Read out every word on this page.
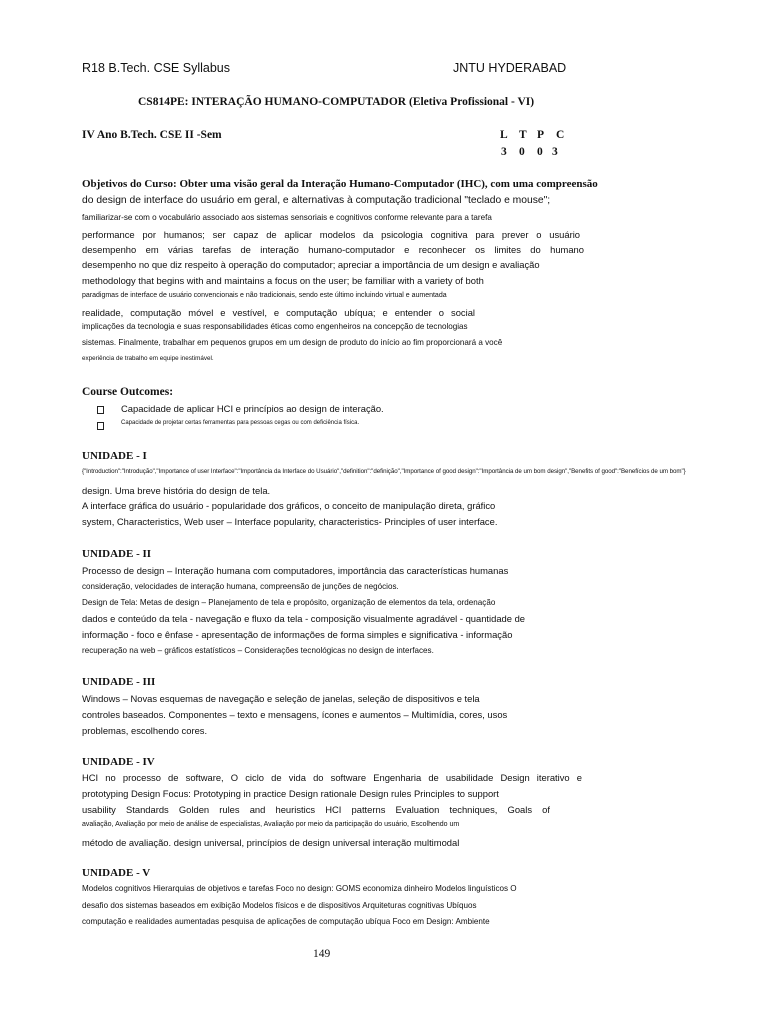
R18 B.Tech. CSE Syllabus	JNTU HYDERABAD
CS814PE: INTERAÇÃO HUMANO-COMPUTADOR (Eletiva Profissional - VI)
IV Ano B.Tech. CSE II -Sem	L T P C
3 0 0 3
Objetivos do Curso: Obter uma visão geral da Interação Humano-Computador (IHC), com uma compreensão
do design de interface do usuário em geral, e alternativas à computação tradicional "teclado e mouse";
familiarizar-se com o vocabulário associado aos sistemas sensoriais e cognitivos conforme relevante para a tarefa
performance por humanos; ser capaz de aplicar modelos da psicologia cognitiva para prever o usuário
desempenho em várias tarefas de interação humano-computador e reconhecer os limites do humano
desempenho no que diz respeito à operação do computador; apreciar a importância de um design e avaliação
methodology that begins with and maintains a focus on the user; be familiar with a variety of both
paradigmas de interface de usuário convencionais e não tradicionais, sendo este último incluindo virtual e aumentada
realidade, computação móvel e vestível, e computação ubíqua; e entender o social
implicações da tecnologia e suas responsabilidades éticas como engenheiros na concepção de tecnologias
sistemas. Finalmente, trabalhar em pequenos grupos em um design de produto do início ao fim proporcionará a você
experiência de trabalho em equipe inestimável.
Course Outcomes:
Capacidade de aplicar HCI e princípios ao design de interação.
Capacidade de projetar certas ferramentas para pessoas cegas ou com deficiência física.
UNIDADE - I
{"Introduction":"Introdução","Importance of user Interface":"Importância da Interface do Usuário","definition":"definição","Importance of good design":"Importância de um bom design","Benefits of good":"Benefícios de um bom"}
design. Uma breve história do design de tela.
A interface gráfica do usuário - popularidade dos gráficos, o conceito de manipulação direta, gráfico
system, Characteristics, Web user – Interface popularity, characteristics- Principles of user interface.
UNIDADE - II
Processo de design – Interação humana com computadores, importância das características humanas
consideração, velocidades de interação humana, compreensão de junções de negócios.
Design de Tela: Metas de design – Planejamento de tela e propósito, organização de elementos da tela, ordenação
dados e conteúdo da tela - navegação e fluxo da tela - composição visualmente agradável - quantidade de
informação - foco e ênfase - apresentação de informações de forma simples e significativa - informação
recuperação na web – gráficos estatísticos – Considerações tecnológicas no design de interfaces.
UNIDADE - III
Windows – Novas esquemas de navegação e seleção de janelas, seleção de dispositivos e tela
controles baseados. Componentes – texto e mensagens, ícones e aumentos – Multimídia, cores, usos
problemas, escolhendo cores.
UNIDADE - IV
HCI no processo de software, O ciclo de vida do software Engenharia de usabilidade Design iterativo e
prototyping Design Focus: Prototyping in practice Design rationale Design rules Principles to support
usability Standards Golden rules and heuristics HCI patterns Evaluation techniques, Goals of
avaliação, Avaliação por meio de análise de especialistas, Avaliação por meio da participação do usuário, Escolhendo um
método de avaliação. design universal, princípios de design universal interação multimodal
UNIDADE - V
Modelos cognitivos Hierarquias de objetivos e tarefas Foco no design: GOMS economiza dinheiro Modelos linguísticos O
desafio dos sistemas baseados em exibição Modelos físicos e de dispositivos Arquiteturas cognitivas Ubíquos
computação e realidades aumentadas pesquisa de aplicações de computação ubíqua Foco em Design: Ambiente
149
